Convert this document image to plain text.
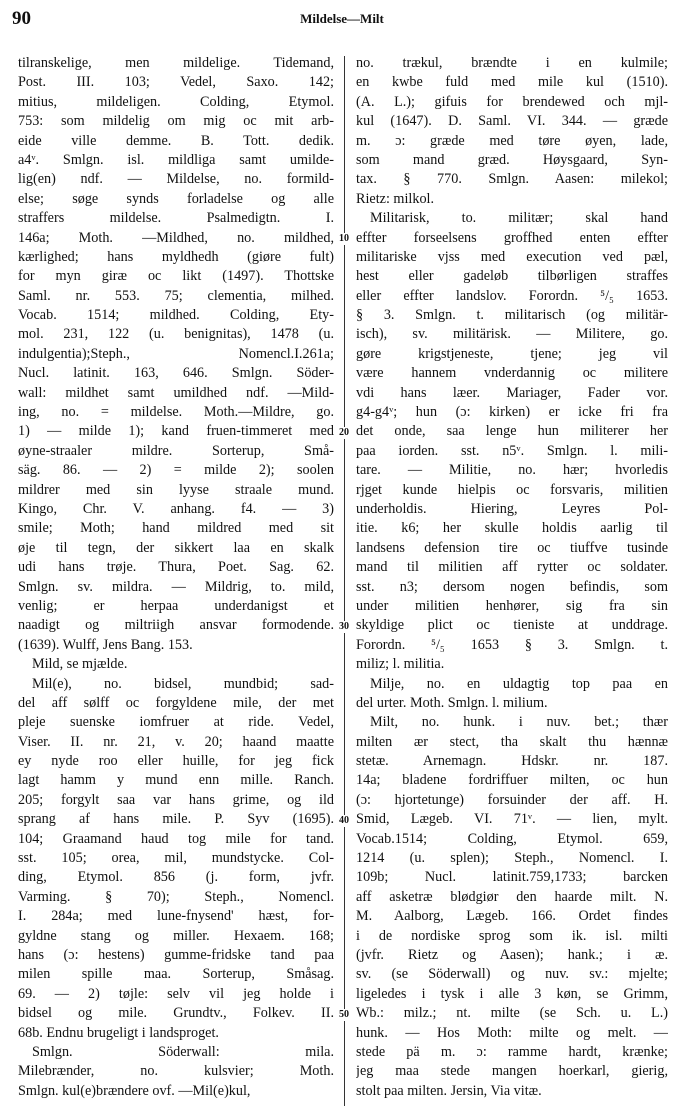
90	Mildelse—Milt
tilranskelige, men mildelige. Tidemand,
Post. III. 103; Vedel, Saxo. 142;
mitius, mildeligen. Colding, Etymol.
753: som mildelig om mig oc mit arb-
eide ville demme. B. Tott. dedik.
a4ᵛ. Smlgn. isl. mildliga samt umilde-
lig(en) ndf. — Mildelse, no. formild-
else; søge synds forladelse og alle
straffers mildelse. Psalmedigtn. I.
146a; Moth. —Mildhed, no. mildhed,
kærlighed; hans myldhedh (giøre fult)
for myn giræ oc likt (1497). Thottske
Saml. nr. 553. 75; clementia, milhed.
Vocab. 1514; mildhed. Colding, Ety-
mol. 231, 122 (u. benignitas), 1478 (u.
indulgentia);Steph., Nomencl.I.261a;
Nucl. latinit. 163, 646. Smlgn. Söder-
wall: mildhet samt umildhed ndf. —Mild-
ing, no. = mildelse. Moth.—Mildre, go.
1) — milde 1); kand fruen-timmeret med
øyne-straaler mildre. Sorterup, Små-
säg. 86. — 2) = milde 2); soolen
mildrer med sin lyyse straale mund.
Kingo, Chr. V. anhang. f4. — 3)
smile; Moth; hand mildred med sit
øje til tegn, der sikkert laa en skalk
udi hans trøje. Thura, Poet. Sag. 62.
Smlgn. sv. mildra. — Mildrig, to. mild,
venlig; er herpaa underdanigst et
naadigt og miltriigh ansvar formodende.
(1639). Wulff, Jens Bang. 153.
Mild, se mjælde.
Mil(e), no. bidsel, mundbid; sad-
del aff sølff oc forgyldene mile, der met
pleje suenske iomfruer at ride. Vedel,
Viser. II. nr. 21, v. 20; haand maatte
ey nyde roo eller huille, for jeg fick
lagt hamm y mund enn mille. Ranch.
205; forgylt saa var hans grime, og ild
sprang af hans mile. P. Syv (1695).
104; Graamand haud tog mile for tand.
sst. 105; orea, mil, mundstycke. Col-
ding, Etymol. 856 (j. form, jvfr.
Varming. § 70); Steph., Nomencl.
I. 284a; med lune-fnysend' hæst, for-
gyldne stang og miller. Hexaem. 168;
hans (ɔ: hestens) gumme-fridske tand paa
milen spille maa. Sorterup, Småsag.
69. — 2) tøjle: selv vil jeg holde i
bidsel og mile. Grundtv., Folkev. II.
68b. Endnu brugeligt i landsproget.
Smlgn. Söderwall: mila.
Milebrænder, no. kulsvier; Moth.
Smlgn. kul(e)brændere ovf. —Mil(e)kul,
no. trækul, brændte i en kulmile;
en kwbe fuld med mile kul (1510).
(A. L.); gifuis for brendewed och mjl-
kul (1647). D. Saml. VI. 344. — græde
m. ɔ: græde med tøre øyen, lade,
som mand græd. Høysgaard, Syn-
tax. § 770. Smlgn. Aasen: milekol;
Rietz: milkol.
Militarisk, to. militær; skal hand
effter forseelsens groffhed enten effter
militariske vjss med execution ved pæl,
hest eller gadeløb tilbørligen straffes
eller effter landslov. Forordn. ⁵/₅ 1653.
§ 3. Smlgn. t. militarisch (og militär-
isch), sv. militärisk. — Militere, go.
gøre krigstjeneste, tjene; jeg vil
være hannem vnderdannig oc militere
vdi hans læer. Mariager, Fader vor.
g4-g4ᵛ; hun (ɔ: kirken) er icke fri fra
det onde, saa lenge hun militerer her
paa iorden. sst. n5ᵛ. Smlgn. l. mili-
tare. — Militie, no. hær; hvorledis
rjget kunde hielpis oc forsvaris, militien
underholdis. Hiering, Leyres Pol-
itie. k6; her skulle holdis aarlig til
landsens defension tire oc tiuffve tusinde
mand til militien aff rytter oc soldater.
sst. n3; dersom nogen befindis, som
under militien henhører, sig fra sin
skyldige plict oc tieniste at unddrage.
Forordn. ⁵/₅ 1653 § 3. Smlgn. t.
miliz; l. militia.
Milje, no. en uldagtig top paa en
del urter. Moth. Smlgn. l. milium.
Milt, no. hunk. i nuv. bet.; thær
milten ær stect, tha skalt thu hænnæ
stetæ. Arnemagn. Hdskr. nr. 187.
14a; bladene fordriffuer milten, oc hun
(ɔ: hjortetunge) forsuinder der aff. H.
Smid, Lægeb. VI. 71ᵛ. — lien, mylt.
Vocab.1514; Colding, Etymol. 659,
1214 (u. splen); Steph., Nomencl. I.
109b; Nucl. latinit.759,1733; barcken
aff asketræ blødgiør den haarde milt. N.
M. Aalborg, Lægeb. 166. Ordet findes
i de nordiske sprog som ik. isl. milti
(jvfr. Rietz og Aasen); hank.; i æ.
sv. (se Söderwall) og nuv. sv.: mjelte;
ligeledes i tysk i alle 3 køn, se Grimm,
Wb.: milz.; nt. milte (se Sch. u. L.)
hunk. — Hos Moth: milte og melt. —
stede pä m. ɔ: ramme hardt, krænke;
jeg maa stede mangen hoerkarl, gierig,
stolt paa milten. Jersin, Via vitæ.
10
20
30
40
50
